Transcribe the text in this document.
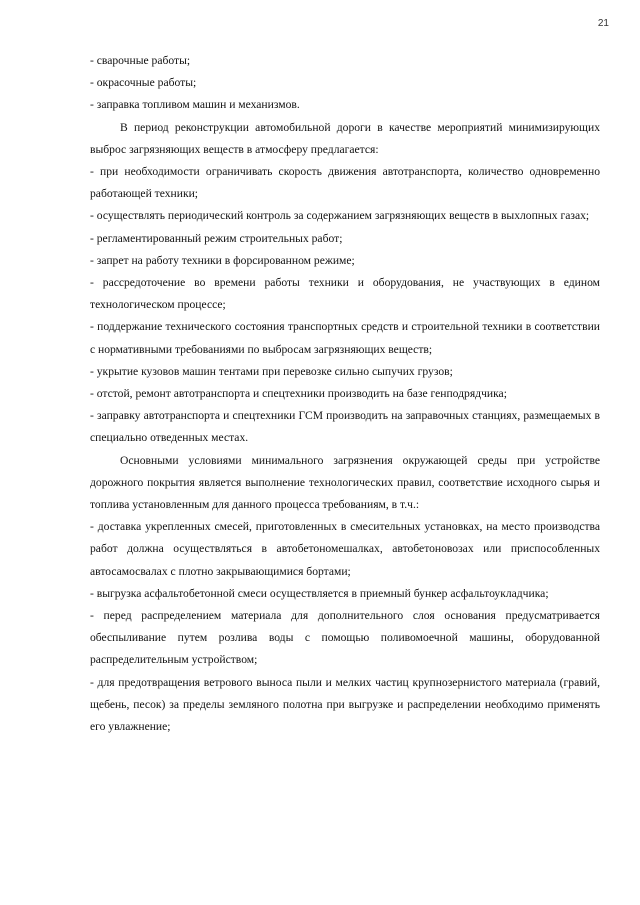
21

- сварочные работы;

- окрасочные работы;

- заправка топливом машин и механизмов.

В период реконструкции автомобильной дороги в качестве мероприятий минимизирующих выброс загрязняющих веществ в атмосферу предлагается:

- при необходимости ограничивать скорость движения автотранспорта, количество одновременно работающей техники;

- осуществлять периодический контроль за содержанием загрязняющих веществ в выхлопных газах;

- регламентированный режим строительных работ;

- запрет на работу техники в форсированном режиме;

- рассредоточение во времени работы техники и оборудования, не участвующих в едином технологическом процессе;

- поддержание технического состояния транспортных средств и строительной техники в соответствии с нормативными требованиями по выбросам загрязняющих веществ;

- укрытие кузовов машин тентами при перевозке сильно сыпучих грузов;

- отстой, ремонт автотранспорта и спецтехники производить на базе генподрядчика;

- заправку автотранспорта и спецтехники ГСМ производить на заправочных станциях, размещаемых в специально отведенных местах.

Основными условиями минимального загрязнения окружающей среды при устройстве дорожного покрытия является выполнение технологических правил, соответствие исходного сырья и топлива установленным для данного процесса требованиям, в т.ч.:

- доставка укрепленных смесей, приготовленных в смесительных установках, на место производства работ должна осуществляться в автобетономешалках, автобетоновозах или приспособленных автосамосвалах с плотно закрывающимися бортами;

- выгрузка асфальтобетонной смеси осуществляется в приемный бункер асфальтоукладчика;

- перед распределением материала для дополнительного слоя основания предусматривается обеспыливание путем розлива воды с помощью поливомоечной машины, оборудованной распределительным устройством;

- для предотвращения ветрового выноса пыли и мелких частиц крупнозернистого материала (гравий, щебень, песок) за пределы земляного полотна при выгрузке и распределении необходимо применять его увлажнение;
